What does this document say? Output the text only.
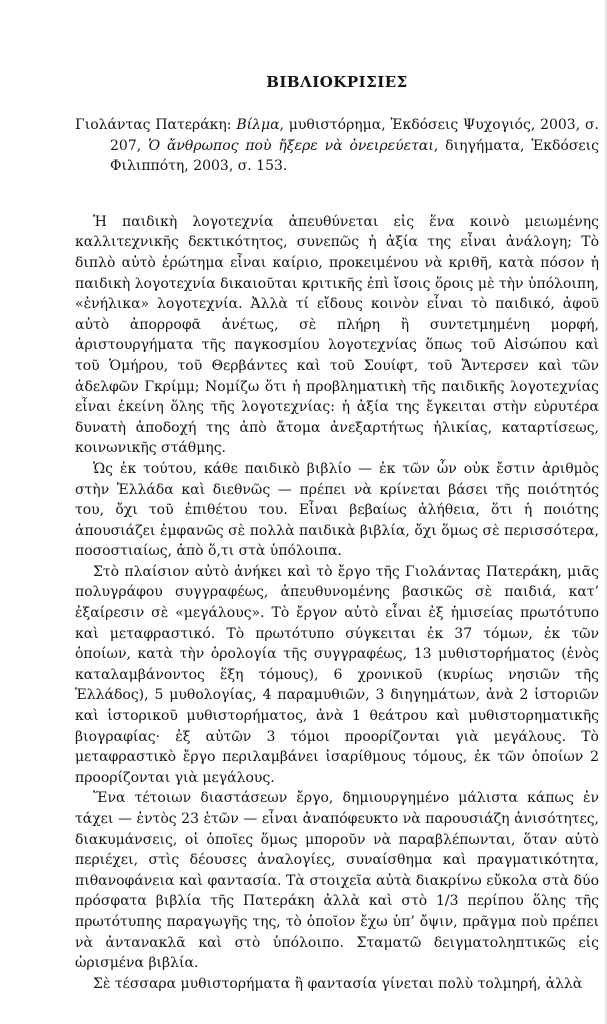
ΒΙΒΛΙΟΚΡΙΣΙΕΣ

Γιολάντας Πατεράκη: Βίλμα, μυθιστόρημα, Ἐκδόσεις Ψυχογιός, 2003, σ. 207, Ὁ ἄνθρωπος ποὺ ἤξερε νὰ ὀνειρεύεται, διηγήματα, Ἐκδόσεις Φιλιππότη, 2003, σ. 153.

Ἡ παιδικὴ λογοτεχνία ἀπευθύνεται εἰς ἕνα κοινὸ μειωμένης καλλιτεχνικῆς δεκτικότητος, συνεπῶς ἡ ἀξία της εἶναι ἀνάλογη; Τὸ διπλὸ αὐτὸ ἐρώτημα εἶναι καίριο, προκειμένου νὰ κριθῆ, κατὰ πόσον ἡ παιδικὴ λογοτεχνία δικαιοῦται κριτικῆς ἐπὶ ἴσοις ὅροις μὲ τὴν ὑπόλοιπη, «ἐνήλικα» λογοτεχνία. Ἀλλὰ τί εἴδους κοινὸν εἶναι τὸ παιδικό, ἀφοῦ αὐτὸ ἀπορροφᾶ ἀνέτως, σὲ πλήρη ἢ συντετμημένη μορφή, ἀριστουργήματα τῆς παγκοσμίου λογοτεχνίας ὅπως τοῦ Αἰσώπου καὶ τοῦ Ὁμήρου, τοῦ Θερβάντες καὶ τοῦ Σουίφτ, τοῦ Ἄντερσεν καὶ τῶν ἀδελφῶν Γκρίμμ; Νομίζω ὅτι ἡ προβληματικὴ τῆς παιδικῆς λογοτεχνίας εἶναι ἐκείνη ὅλης τῆς λογοτεχνίας: ἡ ἀξία της ἔγκειται στὴν εὐρυτέρα δυνατὴ ἀποδοχή της ἀπὸ ἄτομα ἀνεξαρτήτως ἡλικίας, καταρτίσεως, κοινωνικῆς στάθμης.

Ὡς ἐκ τούτου, κάθε παιδικὸ βιβλίο — ἐκ τῶν ὧν οὐκ ἔστιν ἀριθμὸς στὴν Ἑλλάδα καὶ διεθνῶς — πρέπει νὰ κρίνεται βάσει τῆς ποιότητός του, ὄχι τοῦ ἐπιθέτου του. Εἶναι βεβαίως ἀλήθεια, ὅτι ἡ ποιότης ἀπουσιάζει ἐμφανῶς σὲ πολλὰ παιδικὰ βιβλία, ὄχι ὅμως σὲ περισσότερα, ποσοστιαίως, ἀπὸ ὅ,τι στὰ ὑπόλοιπα.

Στὸ πλαίσιον αὐτὸ ἀνήκει καὶ τὸ ἔργο τῆς Γιολάντας Πατεράκη, μιᾶς πολυγράφου συγγραφέως, ἀπευθυνομένης βασικῶς σὲ παιδιά, κατ’ ἐξαίρεσιν σὲ «μεγάλους». Τὸ ἔργον αὐτὸ εἶναι ἐξ ἡμισείας πρωτότυπο καὶ μεταφραστικό. Τὸ πρωτότυπο σύγκειται ἐκ 37 τόμων, ἐκ τῶν ὁποίων, κατὰ τὴν ὁρολογία τῆς συγγραφέως, 13 μυθιστορήματος (ἑνὸς καταλαμβάνοντος ἕξη τόμους), 6 χρονικοῦ (κυρίως νησιῶν τῆς Ἑλλάδος), 5 μυθολογίας, 4 παραμυθιῶν, 3 διηγημάτων, ἀνὰ 2 ἱστοριῶν καὶ ἱστορικοῦ μυθιστορήματος, ἀνὰ 1 θεάτρου καὶ μυθιστορηματικῆς βιογραφίας· ἐξ αὐτῶν 3 τόμοι προορίζονται γιὰ μεγάλους. Τὸ μεταφραστικὸ ἔργο περιλαμβάνει ἰσαρίθμους τόμους, ἐκ τῶν ὁποίων 2 προορίζονται γιὰ μεγάλους.

Ἕνα τέτοιων διαστάσεων ἔργο, δημιουργημένο μάλιστα κάπως ἐν τάχει — ἐντὸς 23 ἐτῶν — εἶναι ἀναπόφευκτο νὰ παρουσιάζη ἀνισότητες, διακυμάνσεις, οἱ ὁποῖες ὅμως μποροῦν νὰ παραβλέπωνται, ὅταν αὐτὸ περιέχει, στὶς δέουσες ἀναλογίες, συναίσθημα καὶ πραγματικότητα, πιθανοφάνεια καὶ φαντασία. Τὰ στοιχεῖα αὐτὰ διακρίνω εὔκολα στὰ δύο πρόσφατα βιβλία τῆς Πατεράκη ἀλλὰ καὶ στὸ 1/3 περίπου ὅλης τῆς πρωτότυπης παραγωγῆς της, τὸ ὁποῖον ἔχω ὑπ’ ὄψιν, πρᾶγμα ποὺ πρέπει νὰ ἀντανακλᾶ καὶ στὸ ὑπόλοιπο. Σταματῶ δειγματοληπτικῶς εἰς ὡρισμένα βιβλία.

Σὲ τέσσαρα μυθιστορήματα ἢ φαντασία γίνεται πολὺ τολμηρή, ἀλλὰ
